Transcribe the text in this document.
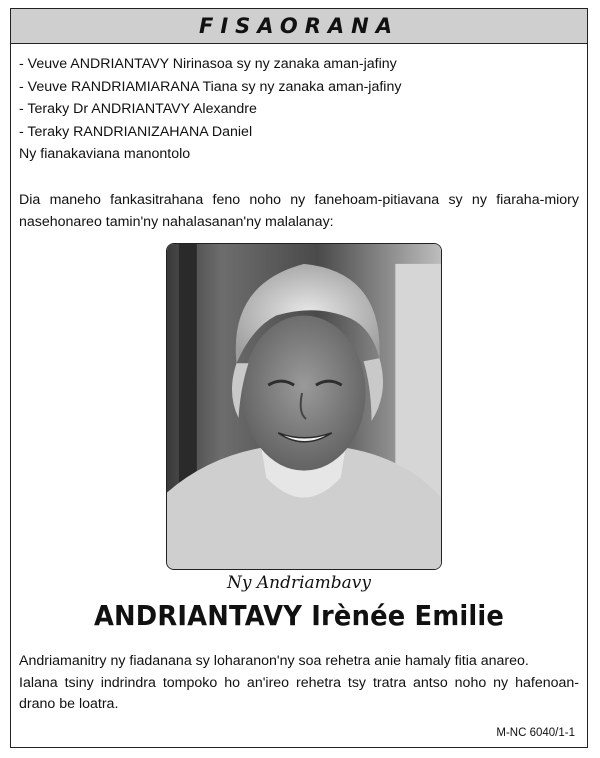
FISAORANA

- Veuve ANDRIANTAVY Nirinasoa sy ny zanaka aman-jafiny

- Veuve RANDRIAMIARANA Tiana sy ny zanaka aman-jafiny

- Teraky Dr ANDRIANTAVY Alexandre

- Teraky RANDRIANIZAHANA Daniel

Ny fianakaviana manontolo

Dia maneho fankasitrahana feno noho ny fanehoam-pitiavana sy ny fiaraha-miory nasehonareo tamin'ny nahalasanan'ny malalanay:

Ny Andriambavy
ANDRIANTAVY Irènée Emilie

Andriamanitry ny fiadanana sy loharanon'ny soa rehetra anie hamaly fitia anareo.

Ialana tsiny indrindra tompoko ho an'ireo rehetra tsy tratra antso noho ny hafenoan-drano be loatra.

M-NC 6040/1-1
